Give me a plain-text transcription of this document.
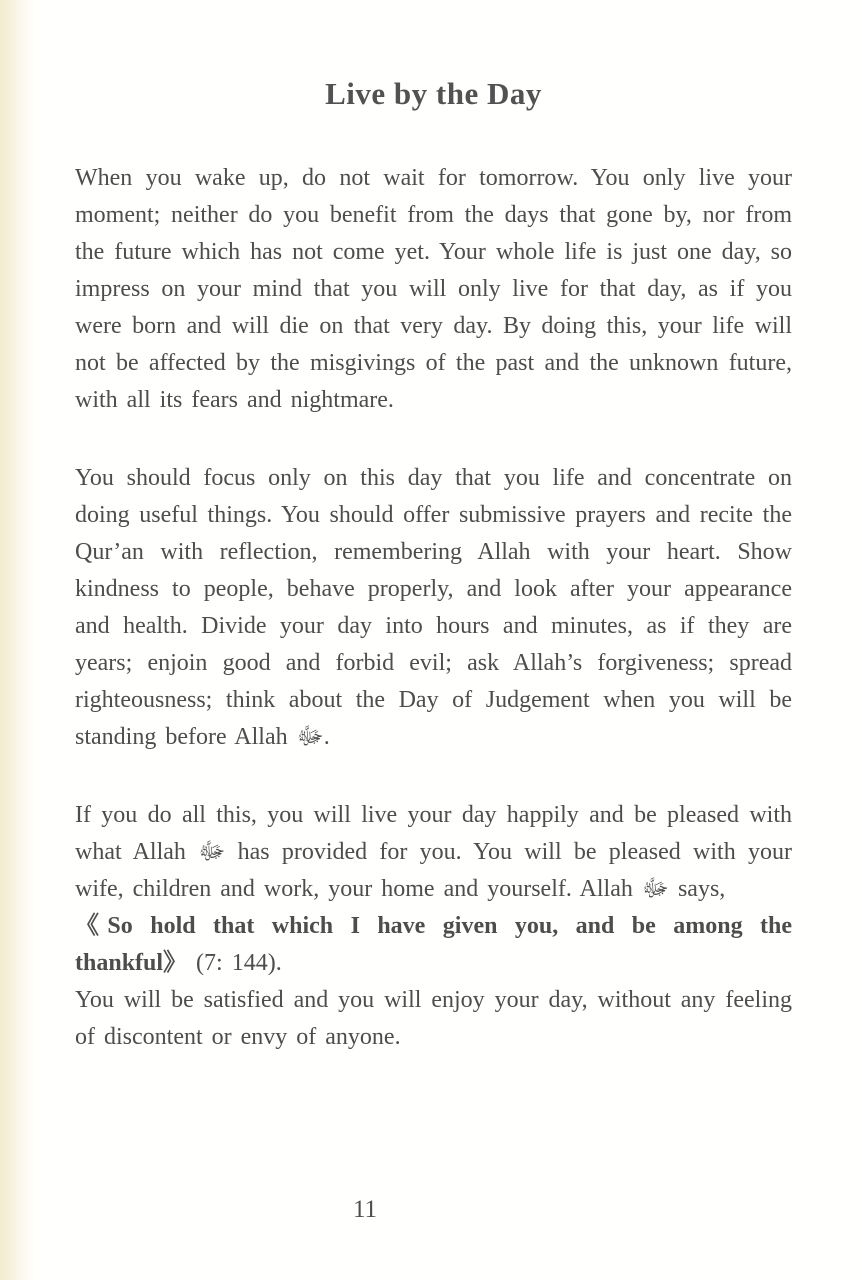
Live by the Day

When you wake up, do not wait for tomorrow. You only live your moment; neither do you benefit from the days that gone by, nor from the future which has not come yet. Your whole life is just one day, so impress on your mind that you will only live for that day, as if you were born and will die on that very day. By doing this, your life will not be affected by the misgivings of the past and the unknown future, with all its fears and nightmare.

You should focus only on this day that you life and concentrate on doing useful things. You should offer submissive prayers and recite the Qur’an with reflection, remembering Allah with your heart. Show kindness to people, behave properly, and look after your appearance and health. Divide your day into hours and minutes, as if they are years; enjoin good and forbid evil; ask Allah’s forgiveness; spread righteousness; think about the Day of Judgement when you will be standing before Allah ﷻ.

If you do all this, you will live your day happily and be pleased with what Allah ﷻ has provided for you. You will be pleased with your wife, children and work, your home and yourself. Allah ﷻ says,

《So hold that which I have given you, and be among the thankful》 (7: 144).

You will be satisfied and you will enjoy your day, without any feeling of discontent or envy of anyone.

11
